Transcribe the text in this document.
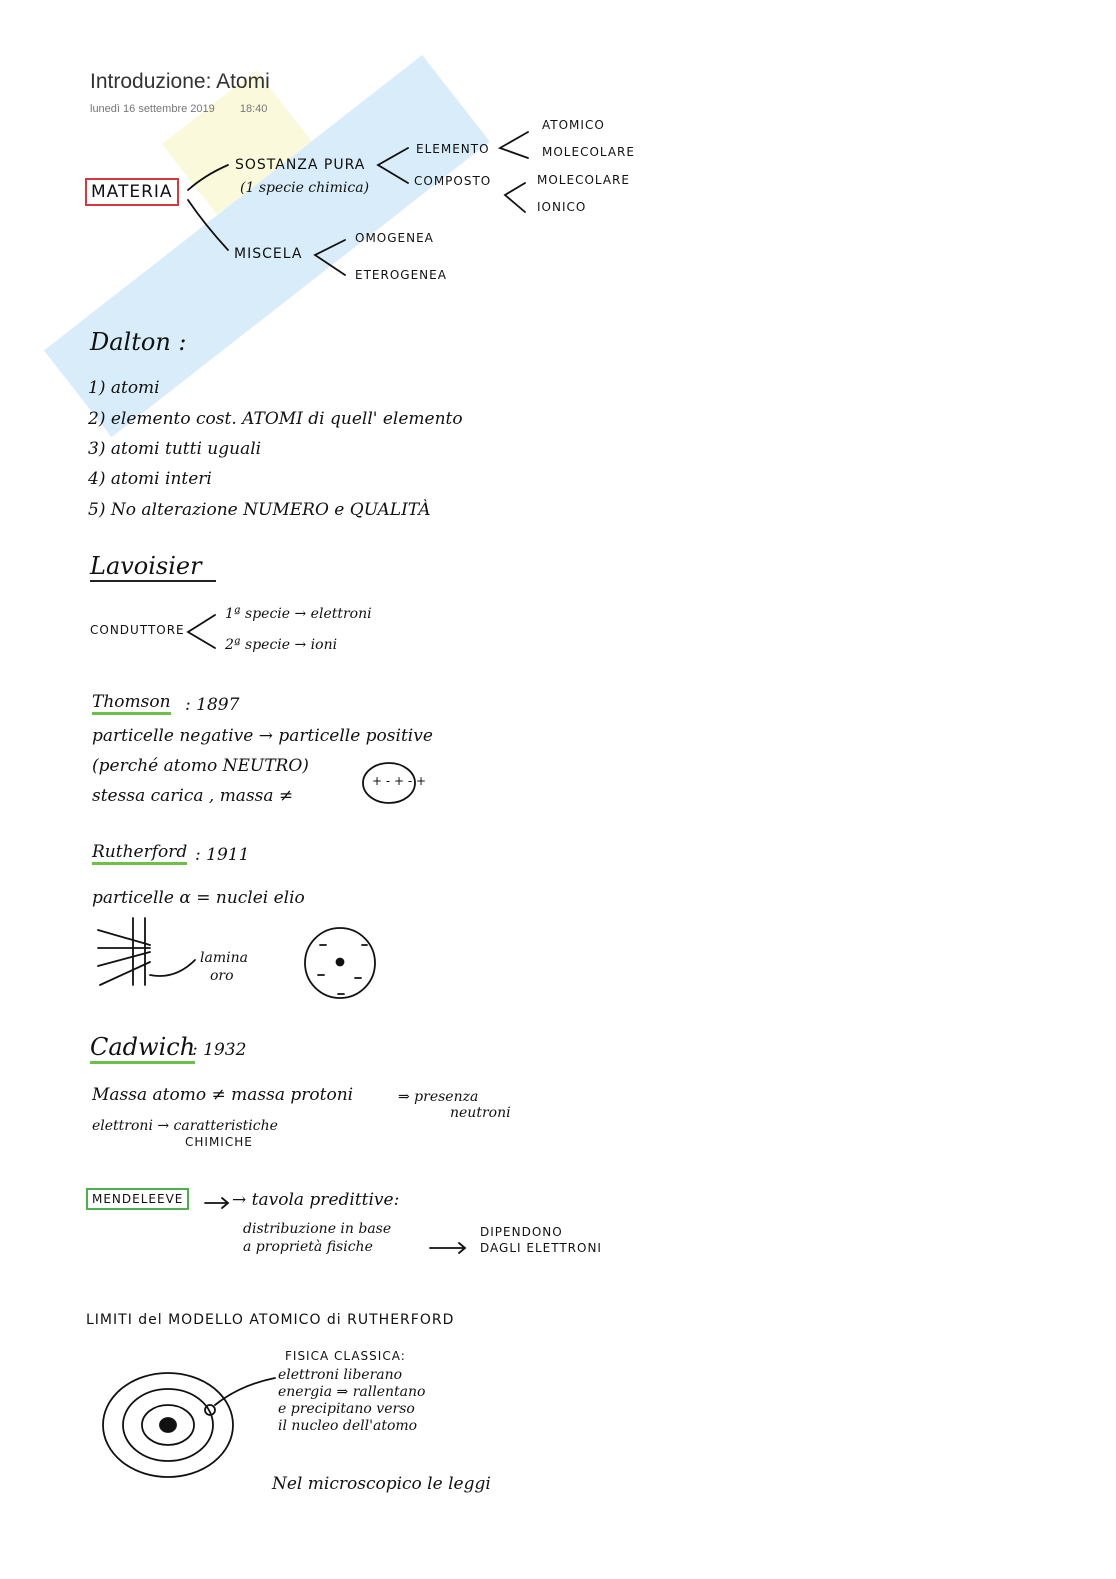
Introduzione: Atomi
lunedì 16 settembre 2019 18:40
MATERIA
SOSTANZA PURA
(1 specie chimica)
ELEMENTO
ATOMICO
MOLECOLARE
COMPOSTO	MOLECOLARE
IONICO
MISCELA
OMOGENEA
ETEROGENEA
Dalton :
1) atomi
2) elemento cost. ATOMI di quell' elemento
3) atomi tutti uguali
4) atomi interi
5) No alterazione NUMERO e QUALITÀ
Lavoisier
CONDUTTORE
1ª specie → elettroni
2ª specie → ioni
Thomson : 1897
particelle negative → particelle positive
(perché atomo NEUTRO)
stessa carica , massa ≠
+ - + - +
Rutherford : 1911
particelle α = nuclei elio
lamina
oro
Cadwich
: 1932
Massa atomo ≠ massa protoni	⇒ presenza
neutroni
elettroni → caratteristiche
CHIMICHE
MENDELEEVE	→ tavola predittive:
distribuzione in base
a proprietà fisiche
DIPENDONO
DAGLI ELETTRONI
LIMITI del MODELLO ATOMICO di RUTHERFORD
FISICA CLASSICA:
elettroni liberano
energia ⇒ rallentano
e precipitano verso
il nucleo dell'atomo
Nel microscopico le leggi
